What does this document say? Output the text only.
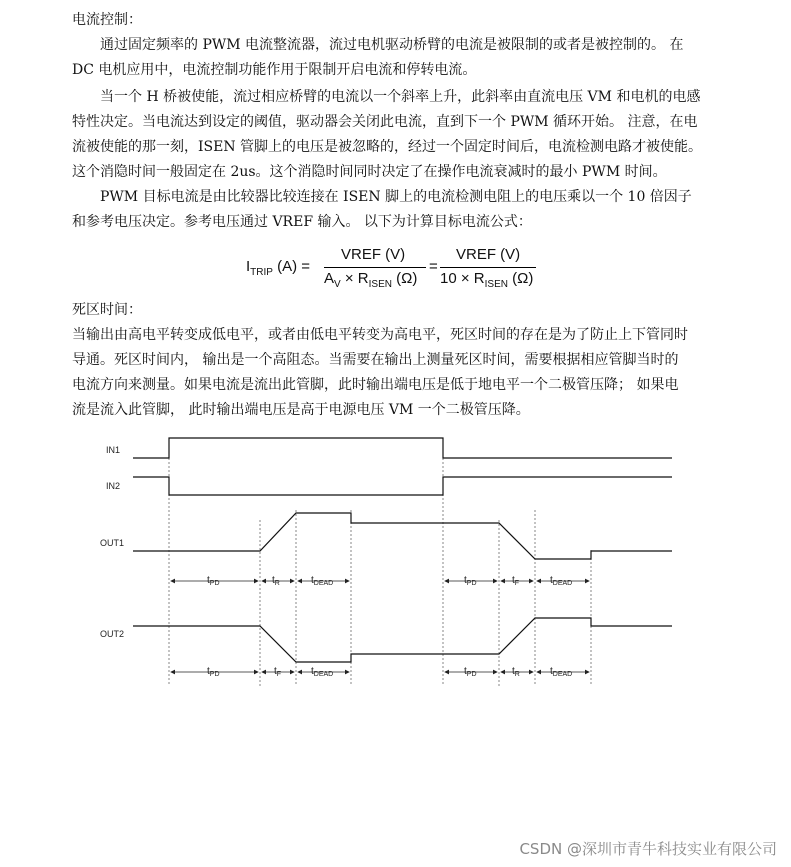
电流控制：
通过固定频率的 PWM 电流整流器，流过电机驱动桥臂的电流是被限制的或者是被控制的。 在
DC 电机应用中，电流控制功能作用于限制开启电流和停转电流。
当一个 H 桥被使能，流过相应桥臂的电流以一个斜率上升，此斜率由直流电压 VM 和电机的电感
特性决定。当电流达到设定的阈值，驱动器会关闭此电流，直到下一个 PWM 循环开始。 注意，在电
流被使能的那一刻，ISEN 管脚上的电压是被忽略的，经过一个固定时间后，电流检测电路才被使能。
这个消隐时间一般固定在 2us。这个消隐时间同时决定了在操作电流衰减时的最小 PWM 时间。
PWM 目标电流是由比较器比较连接在 ISEN 脚上的电流检测电阻上的电压乘以一个 10 倍因子
和参考电压决定。参考电压通过 VREF 输入。 以下为计算目标电流公式：
$I_{TRIP}$ (A) =
VREF (V)
$A_V \times R_{ISEN}$ (Ω)
=
VREF (V)
$10 \times R_{ISEN}$ (Ω)
死区时间：
当输出由高电平转变成低电平，或者由低电平转变为高电平，死区时间的存在是为了防止上下管同时
导通。死区时间内， 输出是一个高阻态。当需要在输出上测量死区时间，需要根据相应管脚当时的
电流方向来测量。如果电流是流出此管脚，此时输出端电压是低于地电平一个二极管压降； 如果电
流是流入此管脚， 此时输出端电压是高于电源电压 VM 一个二极管压降。
IN1
IN2
OUT1
OUT2
$t_{PD}$	$t_R$	$t_{DEAD}$	$t_{PD}$	$t_F$	$t_{DEAD}$
$t_{PD}$	$t_F$	$t_{DEAD}$	$t_{PD}$	$t_R$	$t_{DEAD}$
CSDN @深圳市青牛科技实业有限公司
